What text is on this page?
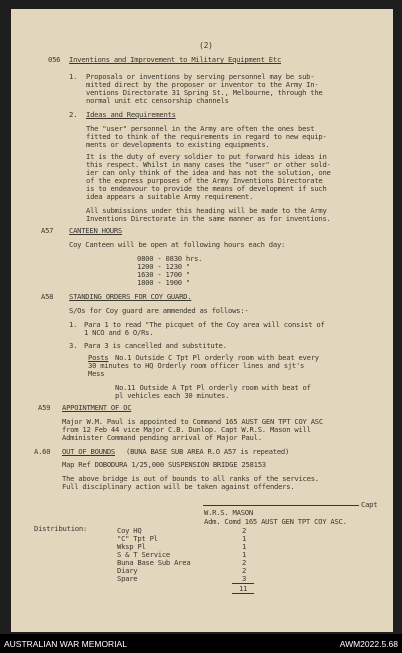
(2)
056 Inventions and Improvement to Military Equipment Etc
1. Proposals or inventions by serving personnel may be sub-
mitted direct by the proposer or inventor to the Army In-
ventions Directorate 31 Spring St., Melbourne, through the
normal unit etc censorship channels
2. Ideas and Requirements
The "user" personnel in the Army are often the ones best
fitted to think of the requirements in regard to new equip-
ments or developments to existing equipments.
It is the duty of every soldier to put forward his ideas in
this respect. Whilst in many cases the "user" or other sold-
ier can only think of the idea and has not the solution, one
of the express purposes of the Army Inventions Directorate
is to endeavour to provide the means of development if such
idea appears a suitable Army requirement.
All submissions under this heading will be made to the Army
Inventions Directorate in the same manner as for inventions.
A57 CANTEEN HOURS
Coy Canteen will be open at following hours each day:
0800 - 0830 hrs.
1200 - 1230 "
1630 - 1700 "
1800 - 1900 "
A58 STANDING ORDERS FOR COY GUARD.
S/Os for Coy guard are ammended as follows:-
1. Para 1 to read "The picquet of the Coy area will consist of
1 NCO and 6 O/Rs.
3. Para 3 is cancelled and substitute.
Posts No.1 Outside C Tpt Pl orderly room with beat every
30 minutes to HQ Orderly room officer lines and sjt's
Mess
No.11 Outside A Tpt Pl orderly room with beat of
pl vehicles each 30 minutes.
A59 APPOINTMENT OF OC
Major W.M. Paul is appointed to Command 165 AUST GEN TPT COY ASC
from 12 Feb 44 vice Major C.B. Dunlop. Capt W.R.S. Mason will
Administer Command pending arrival of Major Paul.
A.60 OUT OF BOUNDS (BUNA BASE SUB AREA R.O A57 is repeated)
Map Ref DOBODURA 1/25,000 SUSPENSION BRIDGE 258153
The above bridge is out of bounds to all ranks of the services.
Full disciplinary action will be taken against offenders.
Capt
W.R.S. MASON
Adm. Comd 165 AUST GEN TPT COY ASC.
Distribution:	Coy HQ	2
"C" Tpt Pl	1
Wksp Pl	1
S & T Service	1
Buna Base Sub Area	2
Diary	2
Spare	3
11
AUSTRALIAN WAR MEMORIAL	AWM2022.5.68
